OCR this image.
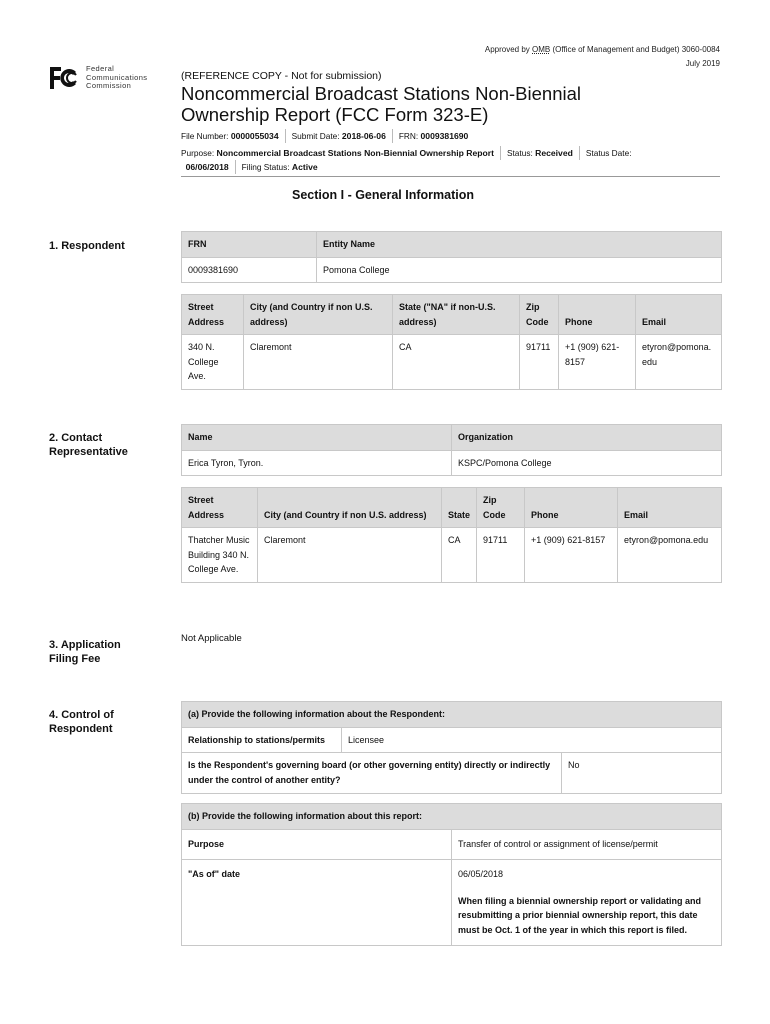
Approved by OMB (Office of Management and Budget) 3060-0084
July 2019
Federal
Communications
Commission
(REFERENCE COPY - Not for submission)
Noncommercial Broadcast Stations Non-Biennial Ownership Report (FCC Form 323-E)
File Number:
0000055034 Submit Date:
2018-06-06 FRN:
0009381690
Purpose:
Noncommercial Broadcast Stations Non-Biennial Ownership Report Status:
Received Status Date:

06/06/2018 Filing Status:
Active
Section I - General Information
1. Respondent	FRN	Entity Name
0009381690	Pomona College
Street Address	City (and Country if non U.S. address)	State ("NA" if non-U.S. address)	Zip Code	Phone	Email
340 N. College Ave.	Claremont	CA	91711	+1 (909) 621-8157	etyron@pomona.edu
2. Contact
Representative
Name	Organization
Erica Tyron, Tyron.	KSPC/Pomona College
Street Address	City (and Country if non U.S. address)	State	Zip Code	Phone	Email
Thatcher Music Building 340 N. College Ave.	Claremont	CA	91711	+1 (909) 621-8157	etyron@pomona.edu
3. Application
Filing Fee
Not Applicable
4. Control of
Respondent
(a) Provide the following information about the Respondent:		
Relationship to stations/permits	Licensee	
Is the Respondent's governing board (or other governing entity) directly or indirectly under the control of another entity?		No
(b) Provide the following information about this report:	
Purpose	Transfer of control or assignment of license/permit
"As of" date	06/05/2018
When filing a biennial ownership report or validating and resubmitting a prior biennial ownership report, this date must be Oct. 1 of the year in which this report is filed.
